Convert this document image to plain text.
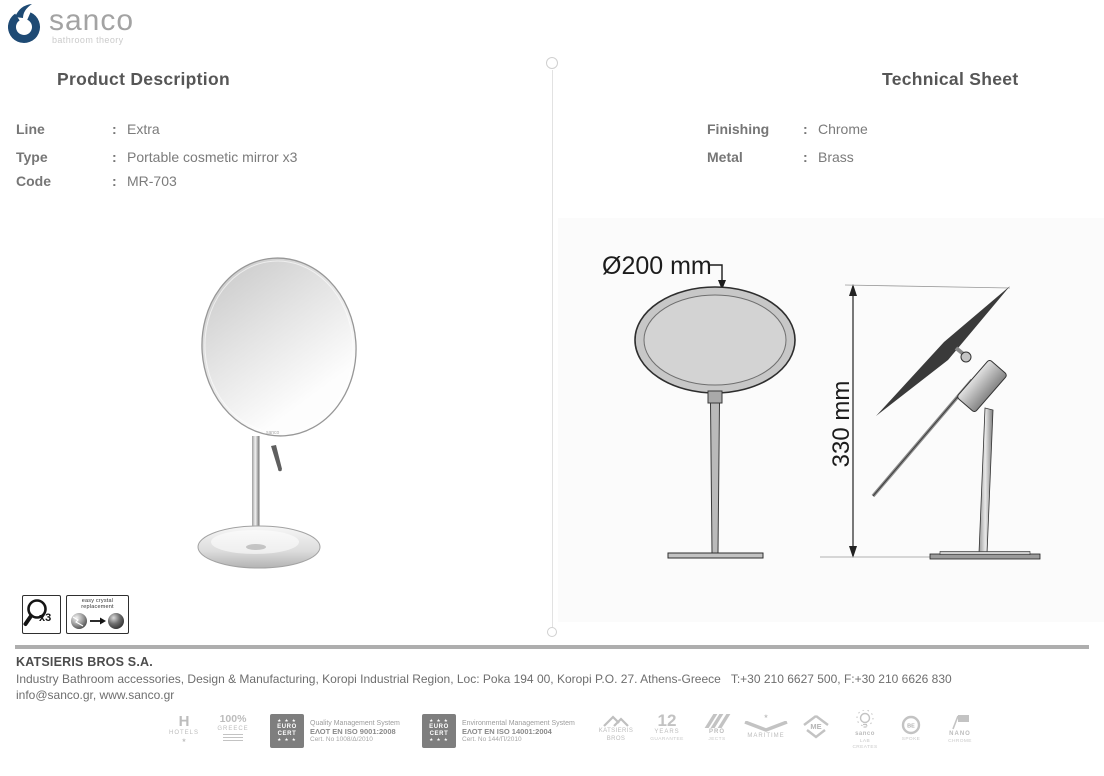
sanco
bathroom theory
Product Description	Technical Sheet
Line	: Extra
Type	: Portable cosmetic mirror x3
Code	: MR-703
Finishing : Chrome
Metal	: Brass
sanco
x3
easy crystal
replacement
Ø200 mm
330 mm
KATSIERIS BROS S.A.
Industry Bathroom accessories, Design & Manufacturing, Koropi Industrial Region, Loc: Poka 194 00, Koropi P.O. 27. Athens-Greece T:+30 210 6627 500, F:+30 210 6626 830
info@sanco.gr, www.sanco.gr
H
HOTELS
★
100%
GREECE
★ ★ ★
EURO
CERT
★ ★ ★
Quality Management System
ΕΛΟΤ EN ISO 9001:2008
Cert. No 1008/Δ/2010
★ ★ ★
EURO
CERT
★ ★ ★
Environmental Management System
ΕΛΟΤ EN ISO 14001:2004
Cert. No 144/Π/2010
KATSIERIS
BROS
12
YEARS
GUARANTEE
PRO
JECTS
★
MARITIME
ME
sanco
LAB
CREATES
BE
SPOKE
NANO
CHROME
